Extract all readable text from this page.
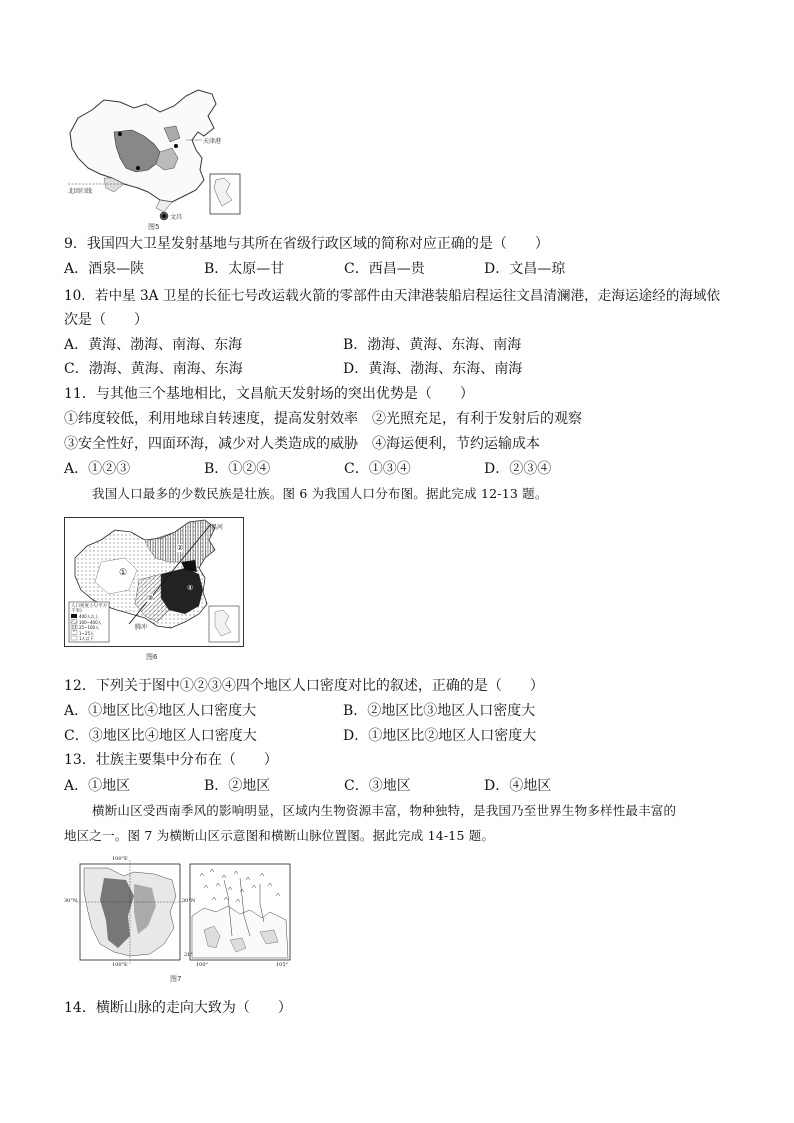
天津港
北回归线
文昌
图5
9．我国四大卫星发射基地与其所在省级行政区域的简称对应正确的是（　　）
A．酒泉—陕	B．太原—甘	C．西昌—贵	D．文昌—琼
10．若中星 3A 卫星的长征七号改运载火箭的零部件由天津港装船启程运往文昌清澜港，走海运途经的海域依
次是（　　）
A．黄海、渤海、南海、东海	B．渤海、黄海、东海、南海
C．渤海、黄海、南海、东海	D．黄海、渤海、东海、南海
11．与其他三个基地相比，文昌航天发射场的突出优势是（　　）
①纬度较低，利用地球自转速度，提高发射效率　②光照充足，有利于发射后的观察
③安全性好，四面环海，减少对人类造成的威胁　④海运便利，节约运输成本
A．①②③	B．①②④	C．①③④	D．②③④
我国人口最多的少数民族是壮族。图 6 为我国人口分布图。据此完成 12-13 题。
人口密度 (人/平方千米)
400人以上
100~400人
25~100人
1~25人
1人以下
黑河
腾冲
①
②
③
④
图6
12．下列关于图中①②③④四个地区人口密度对比的叙述，正确的是（　　）
A．①地区比④地区人口密度大	B．②地区比③地区人口密度大
C．③地区比④地区人口密度大	D．①地区比②地区人口密度大
13．壮族主要集中分布在（　　）
A．①地区	B．②地区	C．③地区	D．④地区
横断山区受西南季风的影响明显，区域内生物资源丰富，物种独特，是我国乃至世界生物多样性最丰富的
地区之一。图 7 为横断山区示意图和横断山脉位置图。据此完成 14-15 题。
100°E
30°N
100°E
30°N
21°
100°	105°
图7
14．横断山脉的走向大致为（　　）
